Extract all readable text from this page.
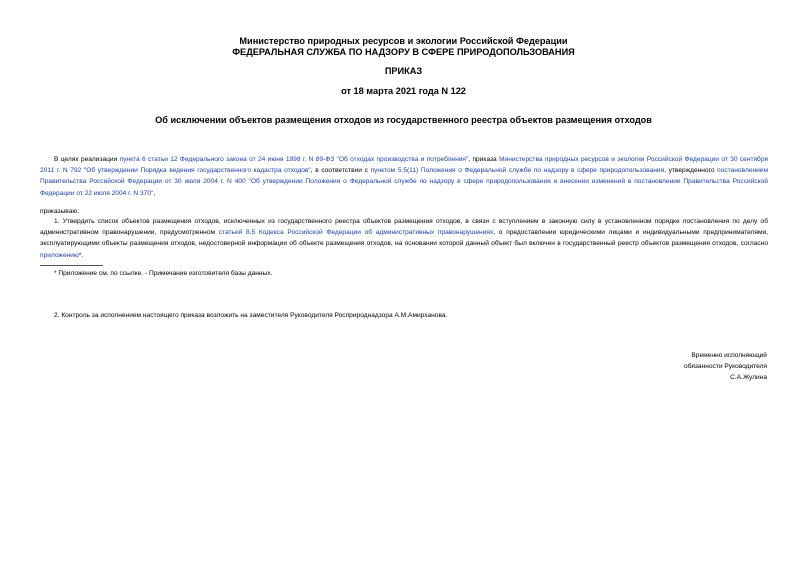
Министерство природных ресурсов и экологии Российской Федерации

ФЕДЕРАЛЬНАЯ СЛУЖБА ПО НАДЗОРУ В СФЕРЕ ПРИРОДОПОЛЬЗОВАНИЯ

ПРИКАЗ

от 18 марта 2021 года N 122

Об исключении объектов размещения отходов из государственного реестра объектов размещения отходов

В целях реализации пункта 6 статьи 12 Федерального закона от 24 июня 1998 г. N 89-ФЗ "Об отходах производства и потребления", приказа Министерства природных ресурсов и экологии Российской Федерации от 30 сентября 2011 г. N 792 "Об утверждении Порядка ведения государственного кадастра отходов", в соответствии с пунктом 5.5(11) Положения о Федеральной службе по надзору в сфере природопользования, утвержденного постановлением Правительства Российской Федерации от 30 июля 2004 г. N 400 "Об утверждении Положения о Федеральной службе по надзору в сфере природопользования и внесении изменений в постановление Правительства Российской Федерации от 22 июля 2004 г. N 370",

приказываю:

1. Утвердить список объектов размещения отходов, исключенных из государственного реестра объектов размещения отходов, в связи с вступлением в законную силу в установленном порядке постановления по делу об административном правонарушении, предусмотренном статьей 8.5 Кодекса Российской Федерации об административных правонарушениях, о предоставлении юридическими лицами и индивидуальными предпринимателями, эксплуатирующими объекты размещения отходов, недостоверной информации об объекте размещения отходов, на основании которой данный объект был включен в государственный реестр объектов размещения отходов, согласно приложению*.

* Приложение см. по ссылке. - Примечание изготовителя базы данных.

2. Контроль за исполнением настоящего приказа возложить на заместителя Руководителя Росприроднадзора А.М.Амирханова.

Временно исполняющий

обязанности Руководителя

С.А.Жулина
